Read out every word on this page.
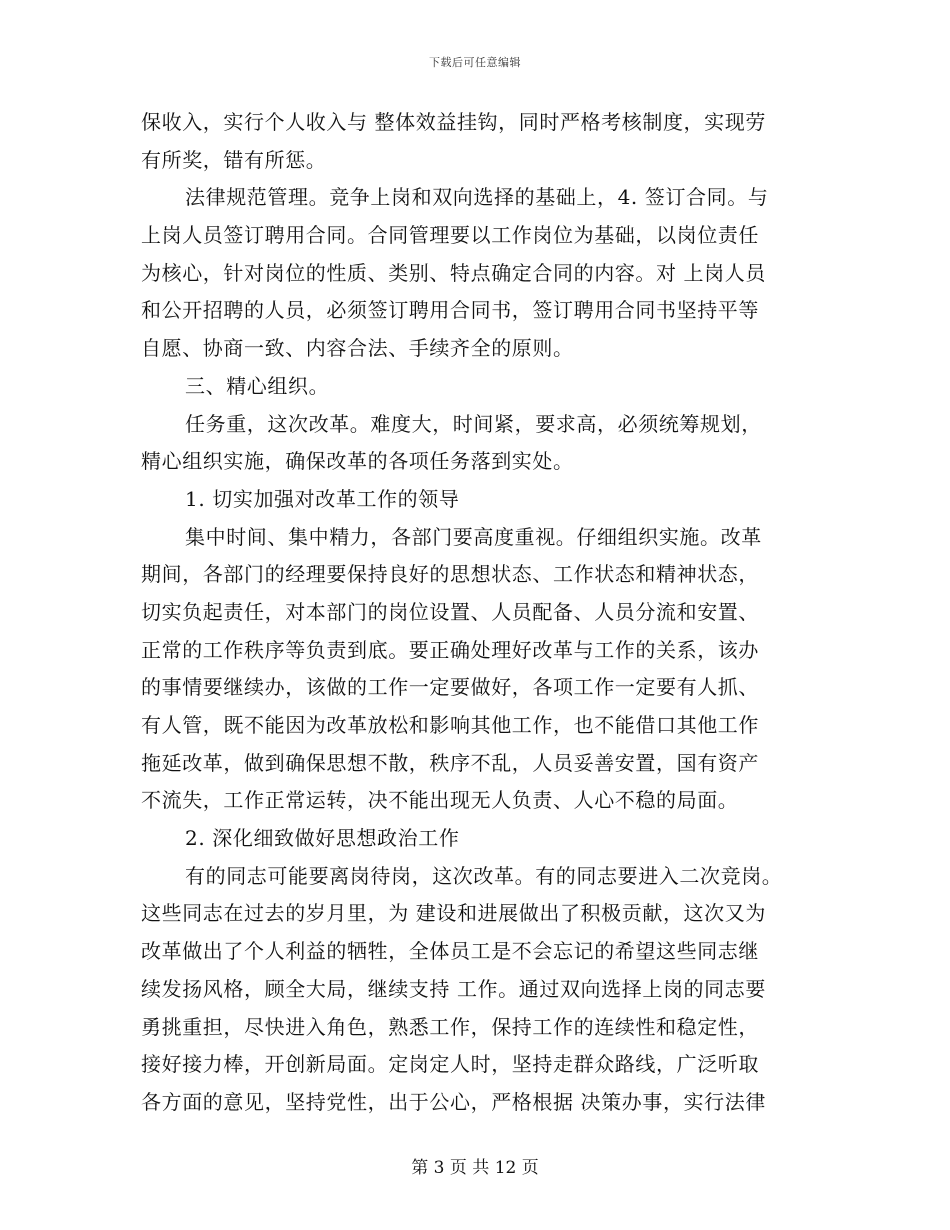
下载后可任意编辑
保收入，实行个人收入与 整体效益挂钩，同时严格考核制度，实现劳
有所奖，错有所惩。
法律规范管理。竞争上岗和双向选择的基础上，4. 签订合同。与
上岗人员签订聘用合同。合同管理要以工作岗位为基础，以岗位责任
为核心，针对岗位的性质、类别、特点确定合同的内容。对 上岗人员
和公开招聘的人员，必须签订聘用合同书，签订聘用合同书坚持平等
自愿、协商一致、内容合法、手续齐全的原则。
三、精心组织。
任务重，这次改革。难度大，时间紧，要求高，必须统筹规划，
精心组织实施，确保改革的各项任务落到实处。
1. 切实加强对改革工作的领导
集中时间、集中精力，各部门要高度重视。仔细组织实施。改革
期间，各部门的经理要保持良好的思想状态、工作状态和精神状态，
切实负起责任，对本部门的岗位设置、人员配备、人员分流和安置、
正常的工作秩序等负责到底。要正确处理好改革与工作的关系，该办
的事情要继续办，该做的工作一定要做好，各项工作一定要有人抓、
有人管，既不能因为改革放松和影响其他工作，也不能借口其他工作
拖延改革，做到确保思想不散，秩序不乱，人员妥善安置，国有资产
不流失，工作正常运转，决不能出现无人负责、人心不稳的局面。
2. 深化细致做好思想政治工作
有的同志可能要离岗待岗，这次改革。有的同志要进入二次竞岗。
这些同志在过去的岁月里，为 建设和进展做出了积极贡献，这次又为
改革做出了个人利益的牺牲，全体员工是不会忘记的希望这些同志继
续发扬风格，顾全大局，继续支持 工作。通过双向选择上岗的同志要
勇挑重担，尽快进入角色，熟悉工作，保持工作的连续性和稳定性，
接好接力棒，开创新局面。定岗定人时，坚持走群众路线，广泛听取
各方面的意见，坚持党性，出于公心，严格根据 决策办事，实行法律
第 3 页 共 12 页
